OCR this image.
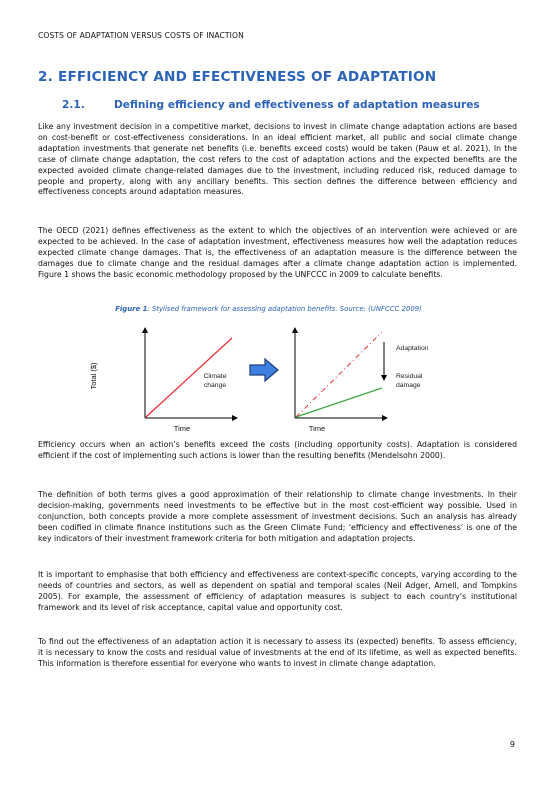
COSTS OF ADAPTATION VERSUS COSTS OF INACTION
2. EFFICIENCY AND EFECTIVENESS OF ADAPTATION
2.1.	Defining efficiency and effectiveness of adaptation measures

Like any investment decision in a competitive market, decisions to invest in climate change adaptation actions are based on cost-benefit or cost-effectiveness considerations. In an ideal efficient market, all public and social climate change adaptation investments that generate net benefits (i.e. benefits exceed costs) would be taken (Pauw et al. 2021). In the case of climate change adaptation, the cost refers to the cost of adaptation actions and the expected benefits are the expected avoided climate change-related damages due to the investment, including reduced risk, reduced damage to people and property, along with any ancillary benefits. This section defines the difference between efficiency and effectiveness concepts around adaptation measures.

The OECD (2021) defines effectiveness as the extent to which the objectives of an intervention were achieved or are expected to be achieved. In the case of adaptation investment, effectiveness measures how well the adaptation reduces expected climate change damages. That is, the effectiveness of an adaptation measure is the difference between the damages due to climate change and the residual damages after a climate change adaptation action is implemented. Figure 1 shows the basic economic methodology proposed by the UNFCCC in 2009 to calculate benefits.

Figure 1: Stylised framework for assessing adaptation benefits. Source: (UNFCCC 2009)
Total ($)	Climate
change
Time
Adaptation
Residual
damage
Time

Efficiency occurs when an action’s benefits exceed the costs (including opportunity costs). Adaptation is considered efficient if the cost of implementing such actions is lower than the resulting benefits (Mendelsohn 2000).

The definition of both terms gives a good approximation of their relationship to climate change investments. In their decision-making, governments need investments to be effective but in the most cost-efficient way possible. Used in conjunction, both concepts provide a more complete assessment of investment decisions. Such an analysis has already been codified in climate finance institutions such as the Green Climate Fund; ‘efficiency and effectiveness’ is one of the key indicators of their investment framework criteria for both mitigation and adaptation projects.

It is important to emphasise that both efficiency and effectiveness are context-specific concepts, varying according to the needs of countries and sectors, as well as dependent on spatial and temporal scales (Neil Adger, Arnell, and Tompkins 2005). For example, the assessment of efficiency of adaptation measures is subject to each country’s institutional framework and its level of risk acceptance, capital value and opportunity cost.

To find out the effectiveness of an adaptation action it is necessary to assess its (expected) benefits. To assess efficiency, it is necessary to know the costs and residual value of investments at the end of its lifetime, as well as expected benefits. This information is therefore essential for everyone who wants to invest in climate change adaptation.

9
